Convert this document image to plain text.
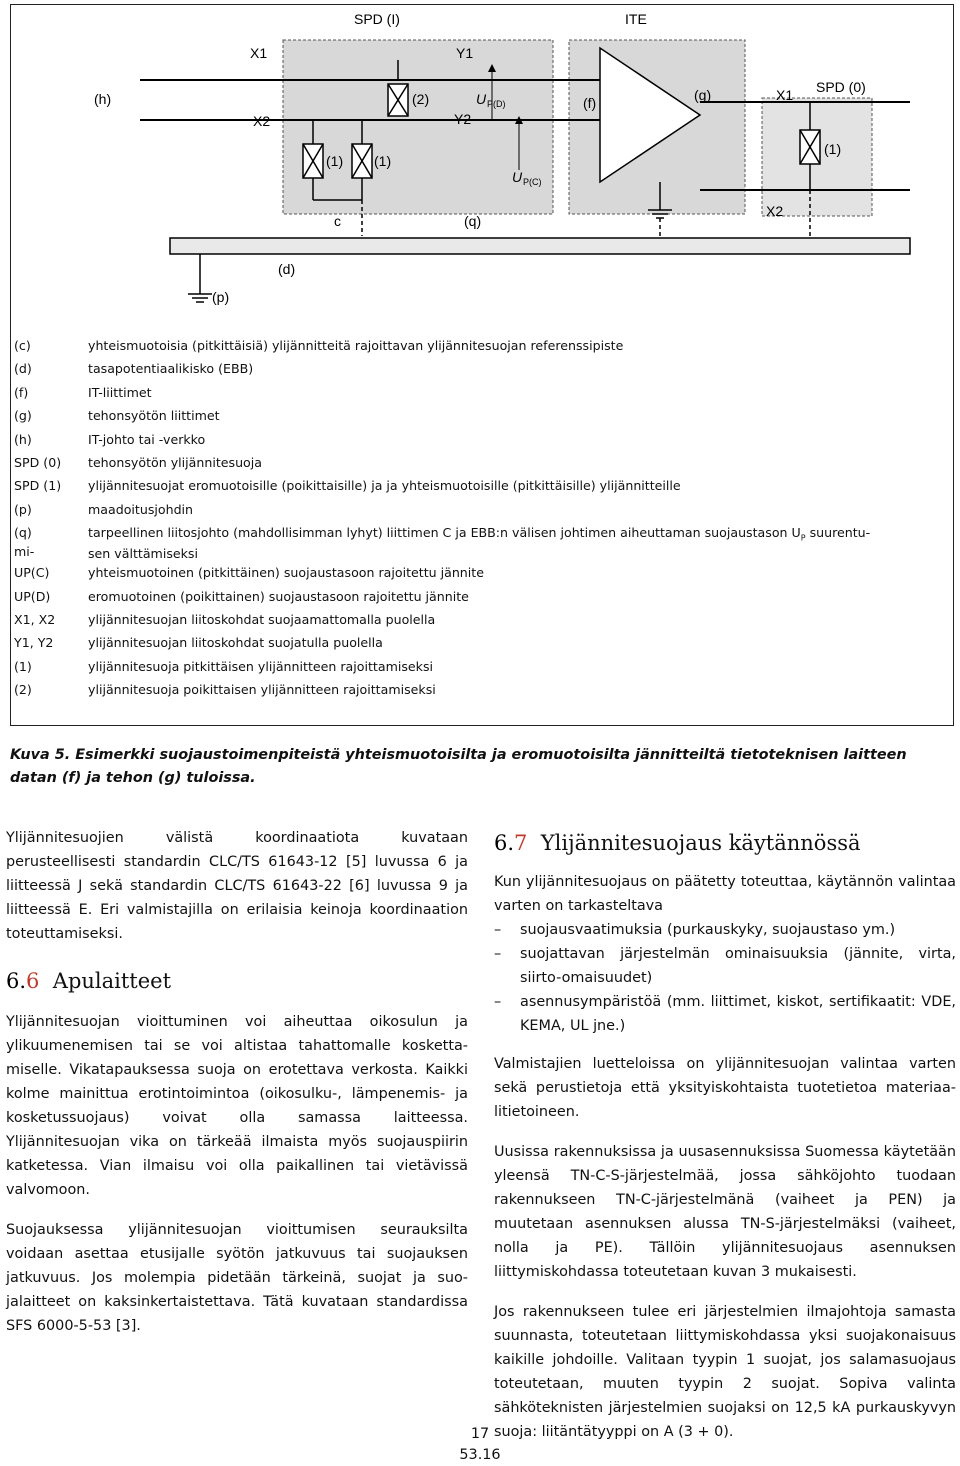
SPD (I)	ITE
X1	Y1
(h)
X2
(2)
Y2
U P(D)	(f)	(g)	X1 SPD (0)
(1) (1)
(1)
U P(C)
c	(q)
X2
(d)
(p)
(c)	yhteismuotoisia (pitkittäisiä) ylijännitteitä rajoittavan ylijännitesuojan referenssipiste
(d)	tasapotentiaalikisko (EBB)
(f)	IT-liittimet
(g)	tehonsyötön liittimet
(h)	IT-johto tai -verkko
SPD (0) tehonsyötön ylijännitesuoja
SPD (1) ylijännitesuojat eromuotoisille (poikittaisille) ja ja yhteismuotoisille (pitkittäisille) ylijännitteille
(p)	maadoitusjohdin
(q)	tarpeellinen liitosjohto (mahdollisimman lyhyt) liittimen C ja EBB:n välisen johtimen aiheuttaman suojaustason $U_P$ suurentu-
mi-	sen välttämiseksi
UP(C)	yhteismuotoinen (pitkittäinen) suojaustasoon rajoitettu jännite
UP(D)	eromuotoinen (poikittainen) suojaustasoon rajoitettu jännite
X1, X2	ylijännitesuojan liitoskohdat suojaamattomalla puolella
Y1, Y2	ylijännitesuojan liitoskohdat suojatulla puolella
(1)	ylijännitesuoja pitkittäisen ylijännitteen rajoittamiseksi
(2)	ylijännitesuoja poikittaisen ylijännitteen rajoittamiseksi
Kuva 5. Esimerkki suojaustoimenpiteistä yhteismuotoisilta ja eromuotoisilta jännitteiltä tietoteknisen laitteen datan (f) ja tehon (g) tuloissa.

Ylijännitesuojien välistä koordinaatiota kuvataan perusteellisesti standardin CLC/TS 61643-12 [5] luvussa 6 ja liitteessä J sekä standardin CLC/TS 61643-22 [6] luvussa 9 ja liitteessä E. Eri valmistajilla on erilaisia keinoja koordinaation toteuttamiseksi.

6.6 Apulaitteet

Ylijännitesuojan vioittuminen voi aiheuttaa oikosulun ja ylikuumenemisen tai se voi altistaa tahattomalle koskettamiselle. Vikatapauksessa suoja on erotettava verkosta. Kaikki kolme mainittua erotintoimintoa (oikosulku-, lämpenemis- ja kosketussuojaus) voivat olla samassa laitteessa. Ylijännitesuojan vika on tärkeää ilmaista myös suojauspiirin katketessa. Vian ilmaisu voi olla paikallinen tai vietävissä valvomoon.

Suojauksessa ylijännitesuojan vioittumisen seurauksilta voidaan asettaa etusijalle syötön jatkuvuus tai suojauksen jatkuvuus. Jos molempia pidetään tärkeinä, suojat ja suojalaitteet on kaksinkertaistettava. Tätä kuvataan standardissa SFS 6000-5-53 [3].

6.7 Ylijännitesuojaus käytännössä

Kun ylijännitesuojaus on päätetty toteuttaa, käytännön valintaa varten on tarkasteltava

– suojausvaatimuksia (purkauskyky, suojaustaso ym.)
– suojattavan järjestelmän ominaisuuksia (jännite, virta, siirto-omaisuudet)
– asennusympäristöä (mm. liittimet, kiskot, sertifikaatit: VDE, KEMA, UL jne.)

Valmistajien luetteloissa on ylijännitesuojan valintaa varten sekä perustietoja että yksityiskohtaista tuotetietoa materiaalitietoineen.

Uusissa rakennuksissa ja uusasennuksissa Suomessa käytetään yleensä TN-C-S-järjestelmää, jossa sähköjohto tuodaan rakennukseen TN-C-järjestelmänä (vaiheet ja PEN) ja muutetaan asennuksen alussa TN-S-järjestelmäksi (vaiheet, nolla ja PE). Tällöin ylijännitesuojaus asennuksen liittymiskohdassa toteutetaan kuvan 3 mukaisesti.

Jos rakennukseen tulee eri järjestelmien ilmajohtoja samasta suunnasta, toteutetaan liittymiskohdassa yksi suojakonaisuus kaikille johdoille. Valitaan tyypin 1 suojat, jos salamasuojaus toteutetaan, muuten tyypin 2 suojat. Sopiva valinta sähköteknisten järjestelmien suojaksi on 12,5 kA purkauskyvyn suoja: liitäntätyyppi on A (3 + 0).

17
53.16
